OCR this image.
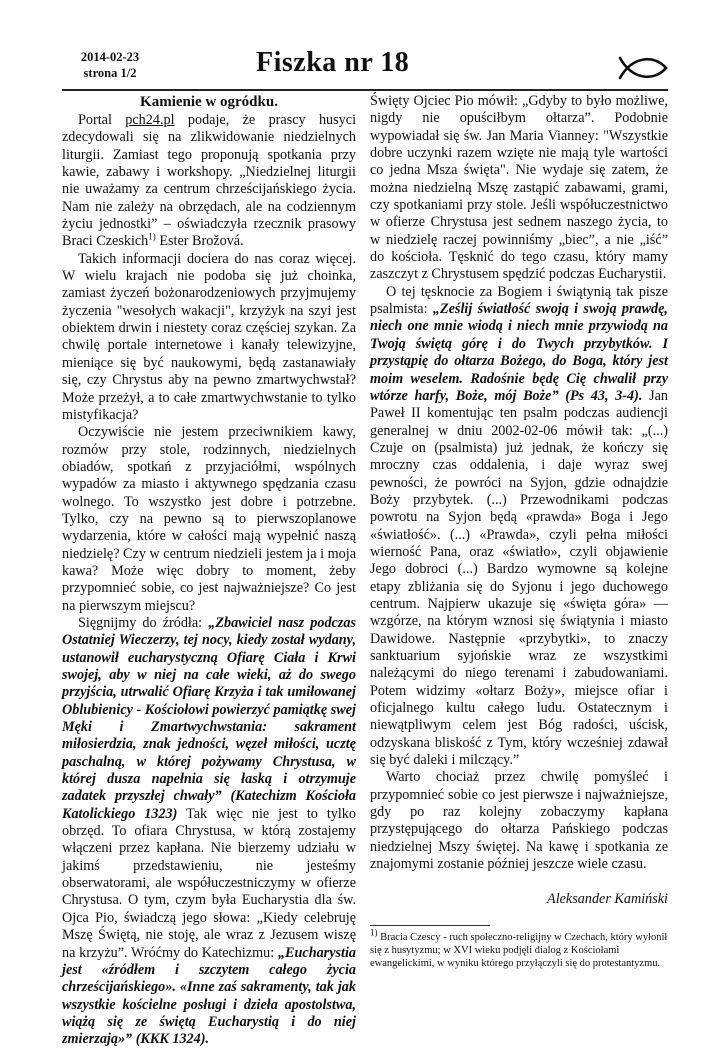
2014-02-23
strona 1/2	Fiszka nr 18
Kamienie w ogródku.

Portal pch24.pl podaje, że prascy husyci zdecydowali się na zlikwidowanie niedzielnych liturgii. Zamiast tego proponują spotkania przy kawie, zabawy i workshopy. „Niedzielnej liturgii nie uważamy za centrum chrześcijańskiego życia. Nam nie zależy na obrzędach, ale na codziennym życiu jednostki” – oświadczyła rzecznik prasowy Braci Czeskich$^{1)}$ Ester Brožová.

Takich informacji dociera do nas coraz więcej. W wielu krajach nie podoba się już choinka, zamiast życzeń bożonarodzeniowych przyjmujemy życzenia "wesołych wakacji", krzyżyk na szyi jest obiektem drwin i niestety coraz częściej szykan. Za chwilę portale internetowe i kanały telewizyjne, mieniące się być naukowymi, będą zastanawiały się, czy Chrystus aby na pewno zmartwychwstał? Może przeżył, a to całe zmartwychwstanie to tylko mistyfikacja?

Oczywiście nie jestem przeciwnikiem kawy, rozmów przy stole, rodzinnych, niedzielnych obiadów, spotkań z przyjaciółmi, wspólnych wypadów za miasto i aktywnego spędzania czasu wolnego. To wszystko jest dobre i potrzebne. Tylko, czy na pewno są to pierwszoplanowe wydarzenia, które w całości mają wypełnić naszą niedzielę? Czy w centrum niedzieli jestem ja i moja kawa? Może więc dobry to moment, żeby przypomnieć sobie, co jest najważniejsze? Co jest na pierwszym miejscu?

Sięgnijmy do źródła: „Zbawiciel nasz podczas Ostatniej Wieczerzy, tej nocy, kiedy został wydany, ustanowił eucharystyczną Ofiarę Ciała i Krwi swojej, aby w niej na całe wieki, aż do swego przyjścia, utrwalić Ofiarę Krzyża i tak umiłowanej Oblubienicy - Kościołowi powierzyć pamiątkę swej Męki i Zmartwychwstania: sakrament miłosierdzia, znak jedności, węzeł miłości, ucztę paschalną, w której pożywamy Chrystusa, w której dusza napełnia się łaską i otrzymuje zadatek przyszłej chwały” (Katechizm Kościoła Katolickiego 1323) Tak więc nie jest to tylko obrzęd. To ofiara Chrystusa, w którą zostajemy włączeni przez kapłana. Nie bierzemy udziału w jakimś przedstawieniu, nie jesteśmy obserwatorami, ale współuczestniczymy w ofierze Chrystusa. O tym, czym była Eucharystia dla św. Ojca Pio, świadczą jego słowa: „Kiedy celebruję Mszę Świętą, nie stoję, ale wraz z Jezusem wiszę na krzyżu”. Wróćmy do Katechizmu: „Eucharystia jest «źródłem i szczytem całego życia chrześcijańskiego». «Inne zaś sakramenty, tak jak wszystkie kościelne posługi i dzieła apostolstwa, wiążą się ze świętą Eucharystią i do niej zmierzają»” (KKK 1324).

Święty Ojciec Pio mówił: „Gdyby to było możliwe, nigdy nie opuściłbym ołtarza”. Podobnie wypowiadał się św. Jan Maria Vianney: "Wszystkie dobre uczynki razem wzięte nie mają tyle wartości co jedna Msza święta". Nie wydaje się zatem, że można niedzielną Mszę zastąpić zabawami, grami, czy spotkaniami przy stole. Jeśli współuczestnictwo w ofierze Chrystusa jest sednem naszego życia, to w niedzielę raczej powinniśmy „biec”, a nie „iść” do kościoła. Tęsknić do tego czasu, który mamy zaszczyt z Chrystusem spędzić podczas Eucharystii.

O tej tęsknocie za Bogiem i świątynią tak pisze psalmista: „Ześlij światłość swoją i swoją prawdę, niech one mnie wiodą i niech mnie przywiodą na Twoją świętą górę i do Twych przybytków. I przystąpię do ołtarza Bożego, do Boga, który jest moim weselem. Radośnie będę Cię chwalił przy wtórze harfy, Boże, mój Boże” (Ps 43, 3-4). Jan Paweł II komentując ten psalm podczas audiencji generalnej w dniu 2002-02-06 mówił tak: „(...) Czuje on (psalmista) już jednak, że kończy się mroczny czas oddalenia, i daje wyraz swej pewności, że powróci na Syjon, gdzie odnajdzie Boży przybytek. (...) Przewodnikami podczas powrotu na Syjon będą «prawda» Boga i Jego «światłość». (...) «Prawda», czyli pełna miłości wierność Pana, oraz «światło», czyli objawienie Jego dobroci (...) Bardzo wymowne są kolejne etapy zbliżania się do Syjonu i jego duchowego centrum. Najpierw ukazuje się «święta góra» — wzgórze, na którym wznosi się świątynia i miasto Dawidowe. Następnie «przybytki», to znaczy sanktuarium syjońskie wraz ze wszystkimi należącymi do niego terenami i zabudowaniami. Potem widzimy «ołtarz Boży», miejsce ofiar i oficjalnego kultu całego ludu. Ostatecznym i niewątpliwym celem jest Bóg radości, uścisk, odzyskana bliskość z Tym, który wcześniej zdawał się być daleki i milczący.”

Warto chociaż przez chwilę pomyśleć i przypomnieć sobie co jest pierwsze i najważniejsze, gdy po raz kolejny zobaczymy kapłana przystępującego do ołtarza Pańskiego podczas niedzielnej Mszy świętej. Na kawę i spotkania ze znajomymi zostanie później jeszcze wiele czasu.

Aleksander Kamiński
$^{1)}$ Bracia Czescy - ruch społeczno-religijny w Czechach, który wyłonił się z husytyzmu; w XVI wieku podjęli dialog z Kościołami ewangelickimi, w wyniku którego przyłączyli się do protestantyzmu.
